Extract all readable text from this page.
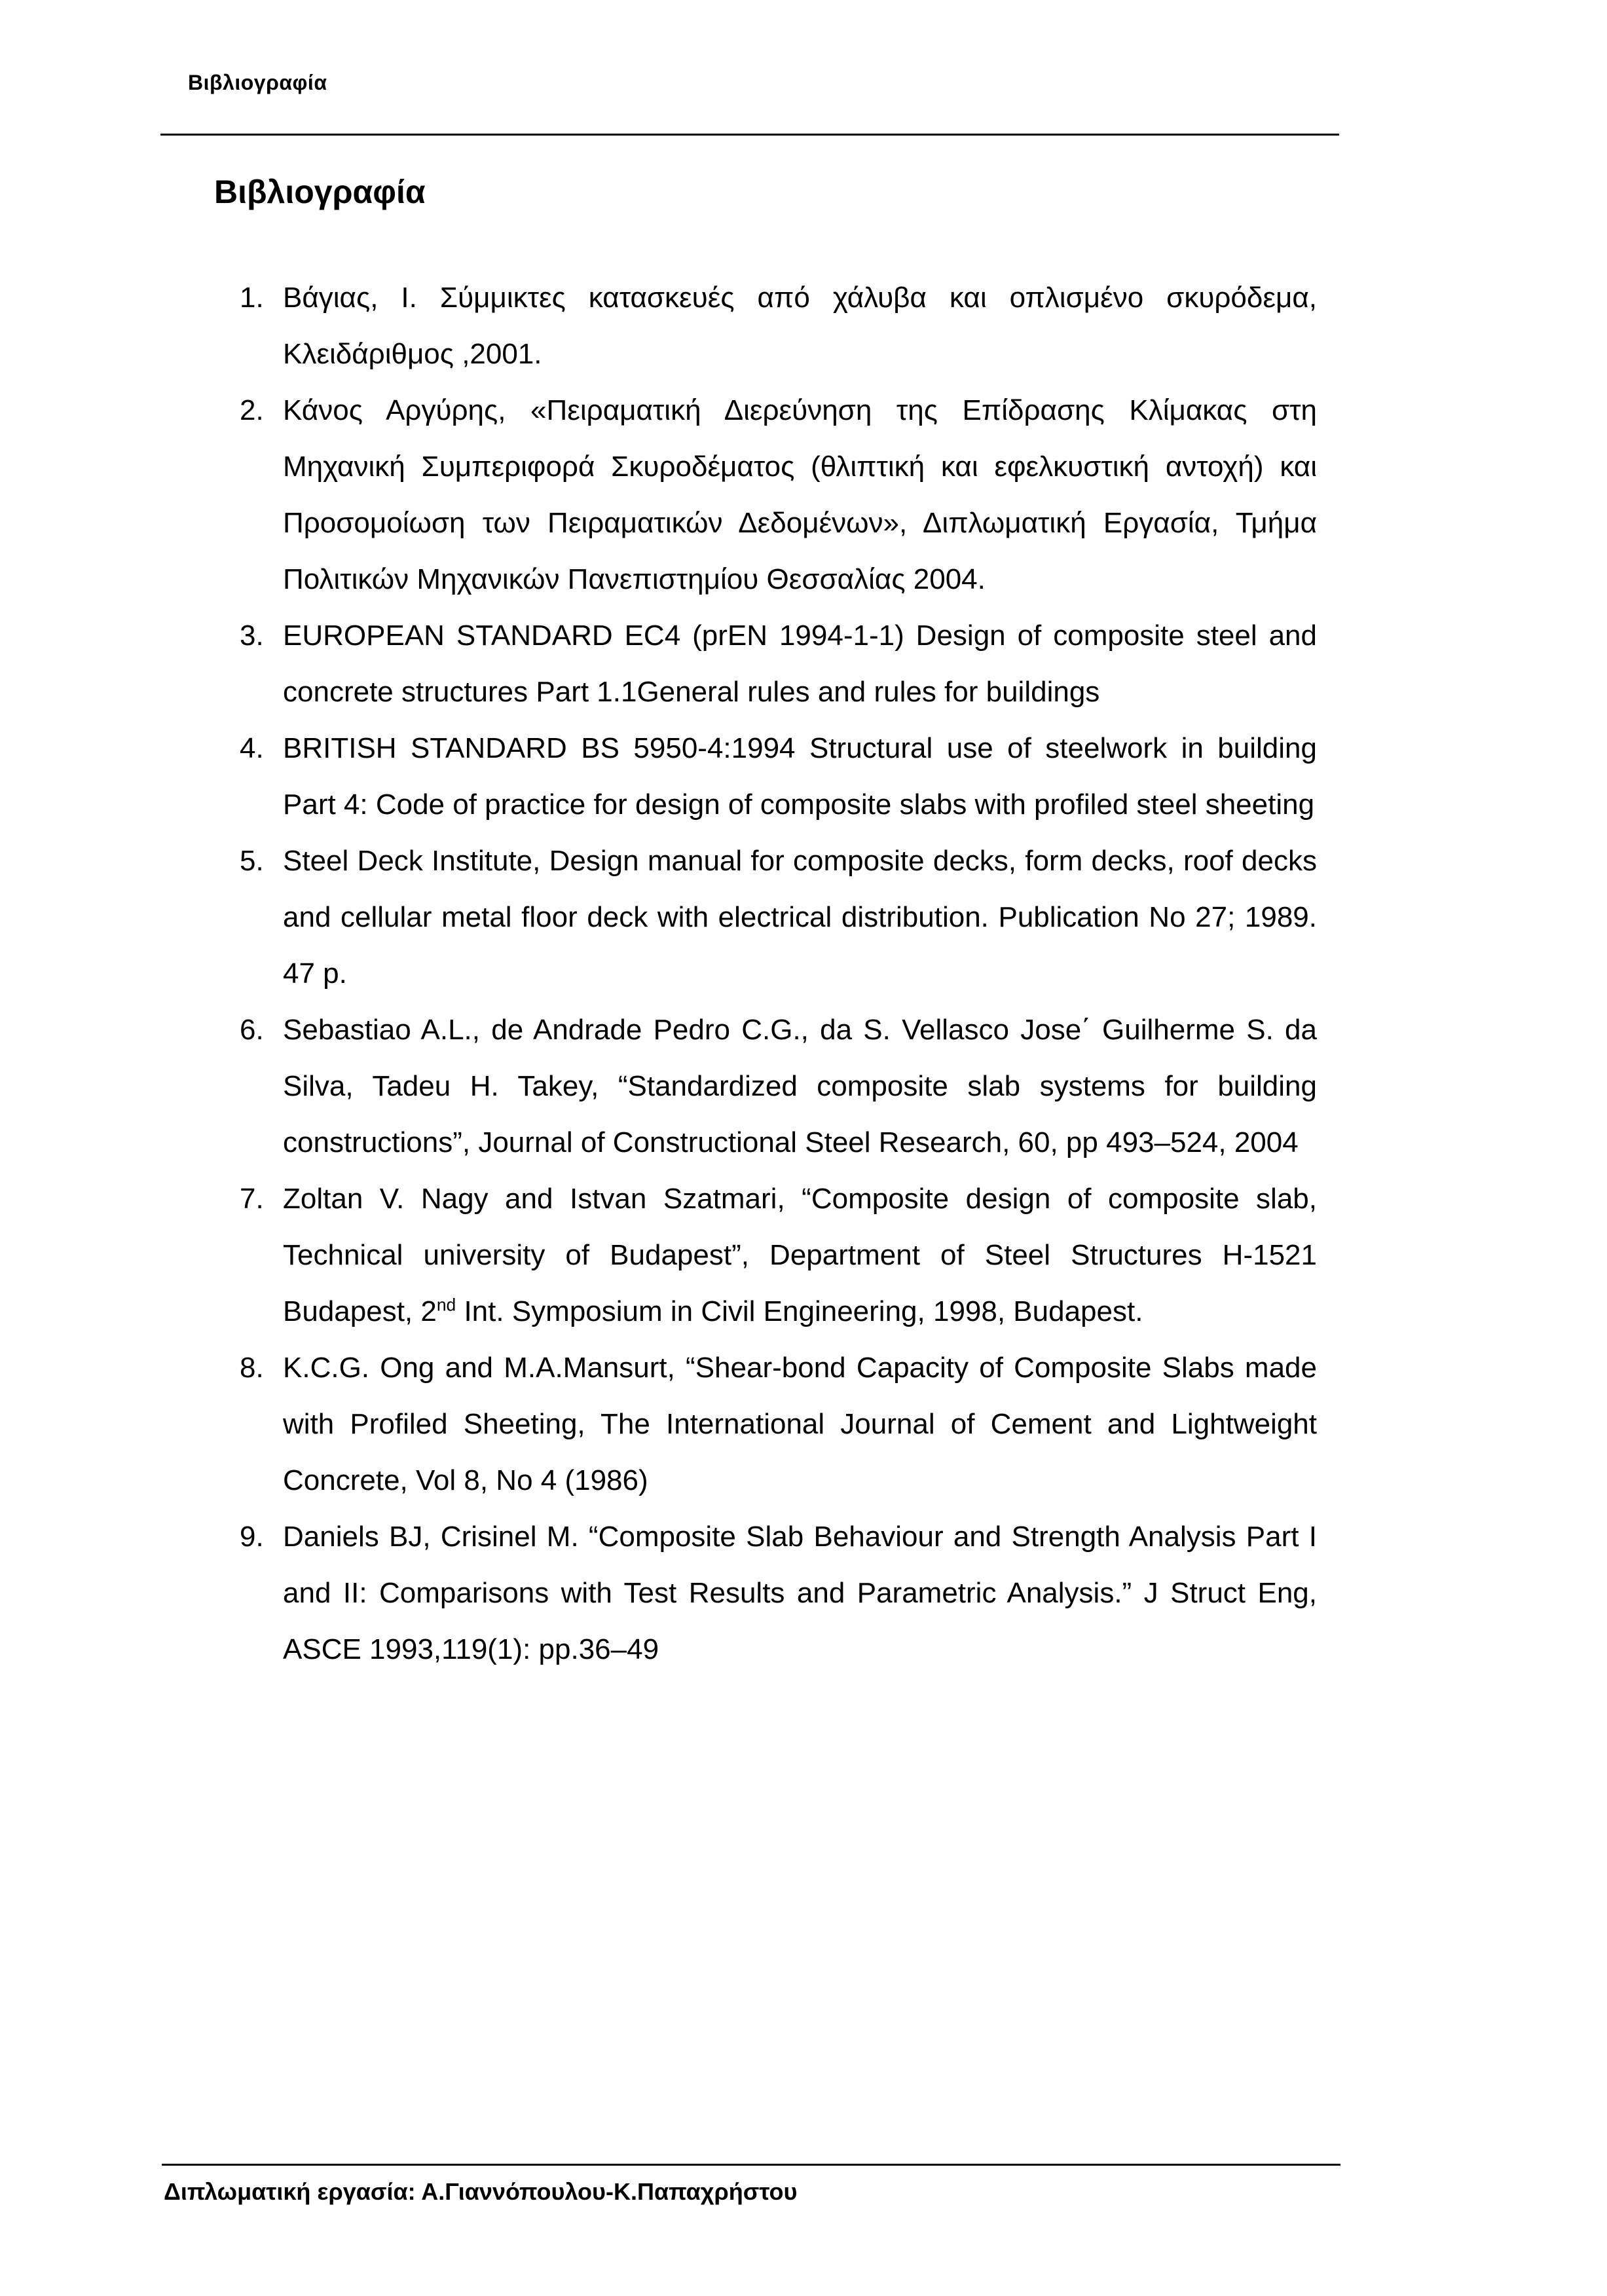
Βιβλιογραφία
Βιβλιογραφία
1. Βάγιας, Ι. Σύμμικτες κατασκευές από χάλυβα και οπλισμένο σκυρόδεμα, Κλειδάριθμος ,2001.
2. Κάνος Αργύρης, «Πειραματική Διερεύνηση της Επίδρασης Κλίμακας στη Μηχανική Συμπεριφορά Σκυροδέματος (θλιπτική και εφελκυστική αντοχή) και Προσομοίωση των Πειραματικών Δεδομένων», Διπλωματική Εργασία, Τμήμα Πολιτικών Μηχανικών Πανεπιστημίου Θεσσαλίας 2004.
3. EUROPEAN STANDARD EC4 (prEN 1994-1-1) Design of composite steel and concrete structures Part 1.1General rules and rules for buildings
4. BRITISH STANDARD BS 5950-4:1994 Structural use of steelwork in building Part 4: Code of practice for design of composite slabs with profiled steel sheeting
5. Steel Deck Institute, Design manual for composite decks, form decks, roof decks and cellular metal floor deck with electrical distribution. Publication No 27; 1989. 47 p.
6. Sebastiao A.L., de Andrade Pedro C.G., da S. Vellasco Jose΄ Guilherme S. da Silva, Tadeu H. Takey, “Standardized composite slab systems for building constructions”, Journal of Constructional Steel Research, 60, pp 493–524, 2004
7. Zoltan V. Nagy and Istvan Szatmari, “Composite design of composite slab, Technical university of Budapest”, Department of Steel Structures H-1521 Budapest, 2nd Int. Symposium in Civil Engineering, 1998, Budapest.
8. K.C.G. Ong and M.A.Mansurt, “Shear-bond Capacity of Composite Slabs made with Profiled Sheeting, The International Journal of Cement and Lightweight Concrete, Vol 8, No 4 (1986)
9. Daniels BJ, Crisinel M. “Composite Slab Behaviour and Strength Analysis Part I and II: Comparisons with Test Results and Parametric Analysis.” J Struct Eng, ASCE 1993,119(1): pp.36–49
Διπλωματική εργασία: Α.Γιαννόπουλου-Κ.Παπαχρήστου
